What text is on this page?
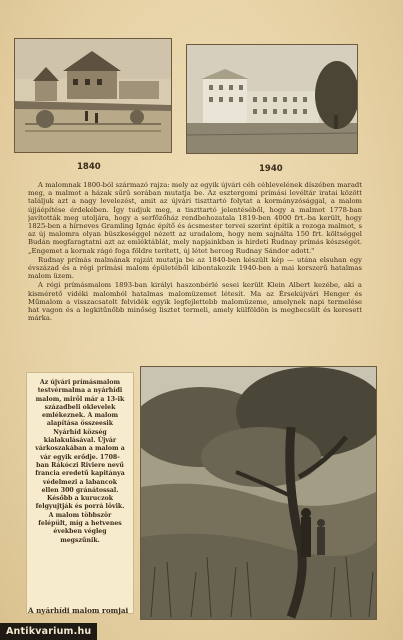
1840	1940

A malomnak 1800-ból származó rajza: mely az egyik újvári céh céhlevelének díszében maradt meg, a malmot a házak sűrű sorában mutatja be. Az esztergomi prímási levéltár iratai között találjuk azt a nagy levelezést, amit az újvári tiszttartó folytat a kormányzósággal, a malom újjáépítése érdekében. Így tudjuk meg, a tiszttartó jelentéséből, hogy a malmot 1778-ban javították meg utoljára, hogy a serfőzőház rendbehozatala 1819-ben 4000 frt.-ba került, hogy 1825-ben a hírneves Gramling Ignác építő és ácsmester tervei szerint építik a rozoga malmot, s az új malomra olyan büszkeséggel nézett az uradalom, hogy nem sajnálta 150 frt. költséggel Budán megfaragtatni azt az emléktáblát, mely napjainkban is hirdeti Rudnay prímás készségét. „Engemet a kornak rágó foga földre terített, új létet herceg Rudnay Sándor adott."

Rudnay prímás malmának rajzát mutatja be az 1840-ben készült kép — utána elsuhan egy évszázad és a régi prímási malom épületéből kibontakozik 1940-ben a mai korszerű hatalmas malom üzem.

A régi prímásmalom 1893-ban királyi haszonbérlé sesei került Klein Albert kezébe, aki a kismérető vidéki malomból hatalmas malomüzemet létesít. Ma az Érsekújvári Henger és Műmalom a visszacsatolt felvidék egyik legfejlettebb malomüzeme, amelynek napi termelése hat vagon és a legkitűnőbb minőség lisztet termeli, amely külföldön is megbecsült és keresett márka.

Az újvári prímásmalom testvérmalma a nyárhídi malom, mirõl már a 13-ik századbeli oklevelek emlékeznek. A malom alapítása összeesik Nyárhíd község kialakulásával. Újvár várkoszakában a malom a vár egyik erődje. 1708-ban Rákóczi Riviere nevű francia eredetű kapitánya védelmezi a labancok ellen 300 gránátossal. Később a kuruczok felgyujtják és porrá lövik. A malom többször felépült, míg a hetvenes években végleg megszűnik.
A nyárhídi malom romjai
Antikvarium.hu
